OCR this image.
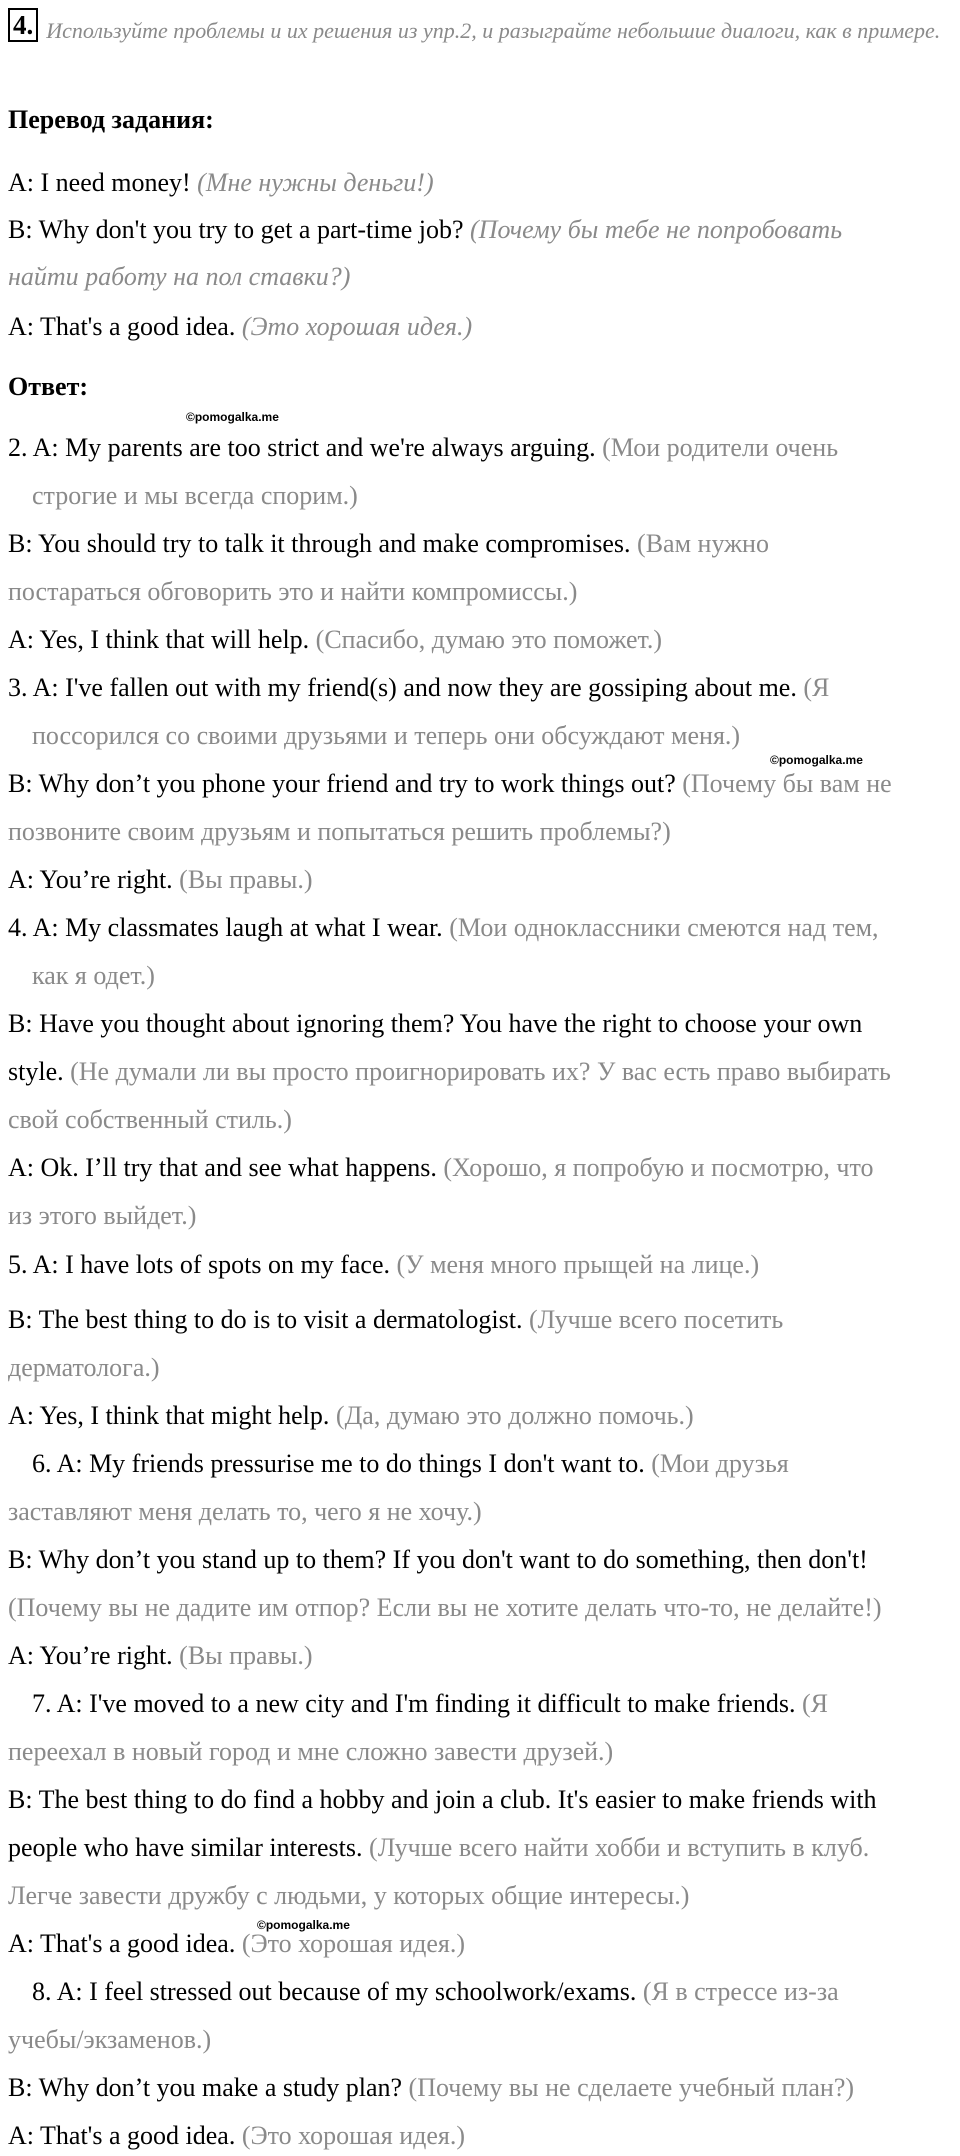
4. Используйте проблемы и их решения из упр.2, и разыграйте небольшие диалоги, как в примере.
Перевод задания:
A: I need money! (Мне нужны деньги!)
B: Why don't you try to get a part-time job? (Почему бы тебе не попробовать
найти работу на пол ставки?)
A: That's a good idea. (Это хорошая идея.)
Ответ:
©pomogalka.me
©pomogalka.me
©pomogalka.me
2. A: My parents are too strict and we're always arguing. (Мои родители очень
строгие и мы всегда спорим.)
B: You should try to talk it through and make compromises. (Вам нужно
постараться обговорить это и найти компромиссы.)
A: Yes, I think that will help. (Спасибо, думаю это поможет.)
3. A: I've fallen out with my friend(s) and now they are gossiping about me. (Я
поссорился со своими друзьями и теперь они обсуждают меня.)
B: Why don’t you phone your friend and try to work things out? (Почему бы вам не
позвоните своим друзьям и попытаться решить проблемы?)
A: You’re right. (Вы правы.)
4. A: My classmates laugh at what I wear. (Мои одноклассники смеются над тем,
как я одет.)
B: Have you thought about ignoring them? You have the right to choose your own
style. (Не думали ли вы просто проигнорировать их? У вас есть право выбирать
свой собственный стиль.)
A: Ok. I’ll try that and see what happens. (Хорошо, я попробую и посмотрю, что
из этого выйдет.)
5. A: I have lots of spots on my face. (У меня много прыщей на лице.)
B: The best thing to do is to visit a dermatologist. (Лучше всего посетить
дерматолога.)
A: Yes, I think that might help. (Да, думаю это должно помочь.)
6. A: My friends pressurise me to do things I don't want to. (Мои друзья
заставляют меня делать то, чего я не хочу.)
B: Why don’t you stand up to them? If you don't want to do something, then don't!
(Почему вы не дадите им отпор? Если вы не хотите делать что-то, не делайте!)
A: You’re right. (Вы правы.)
7. A: I've moved to a new city and I'm finding it difficult to make friends. (Я
переехал в новый город и мне сложно завести друзей.)
B: The best thing to do find a hobby and join a club. It's easier to make friends with
people who have similar interests. (Лучше всего найти хобби и вступить в клуб.
Легче завести дружбу с людьми, у которых общие интересы.)
A: That's a good idea. (Это хорошая идея.)
8. A: I feel stressed out because of my schoolwork/exams. (Я в стрессе из-за
учебы/экзаменов.)
B: Why don’t you make a study plan? (Почему вы не сделаете учебный план?)
A: That's a good idea. (Это хорошая идея.)
